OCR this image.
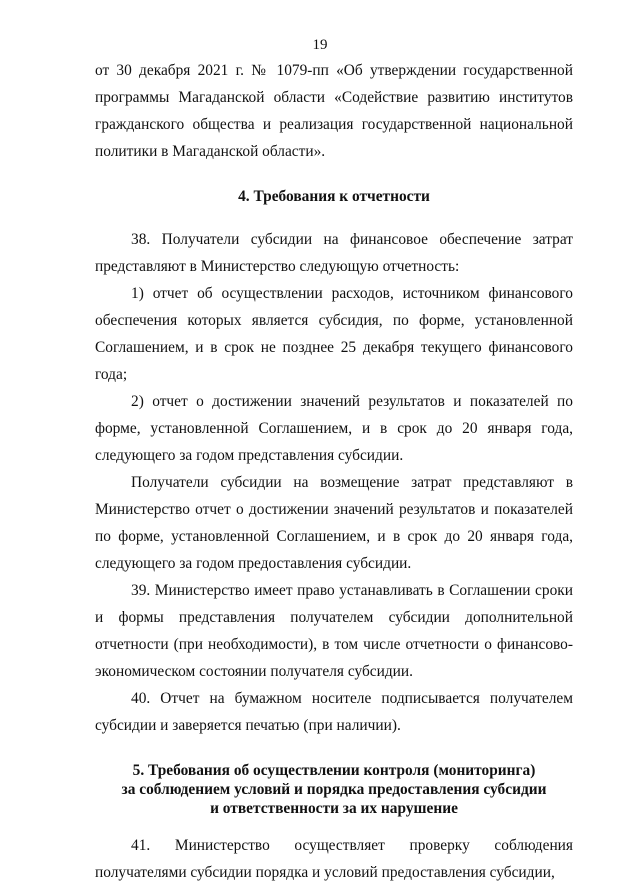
19

от 30 декабря 2021 г. № 1079-пп «Об утверждении государственной программы Магаданской области «Содействие развитию институтов гражданского общества и реализация государственной национальной политики в Магаданской области».

4. Требования к отчетности

38. Получатели субсидии на финансовое обеспечение затрат представляют в Министерство следующую отчетность:

1) отчет об осуществлении расходов, источником финансового обеспечения которых является субсидия, по форме, установленной Соглашением, и в срок не позднее 25 декабря текущего финансового года;

2) отчет о достижении значений результатов и показателей по форме, установленной Соглашением, и в срок до 20 января года, следующего за годом представления субсидии.

Получатели субсидии на возмещение затрат представляют в Министерство отчет о достижении значений результатов и показателей по форме, установленной Соглашением, и в срок до 20 января года, следующего за годом предоставления субсидии.

39. Министерство имеет право устанавливать в Соглашении сроки и формы представления получателем субсидии дополнительной отчетности (при необходимости), в том числе отчетности о финансово-экономическом состоянии получателя субсидии.

40. Отчет на бумажном носителе подписывается получателем субсидии и заверяется печатью (при наличии).

5. Требования об осуществлении контроля (мониторинга)
за соблюдением условий и порядка предоставления субсидии
и ответственности за их нарушение

41. Министерство осуществляет проверку соблюдения получателями субсидии порядка и условий предоставления субсидии,
